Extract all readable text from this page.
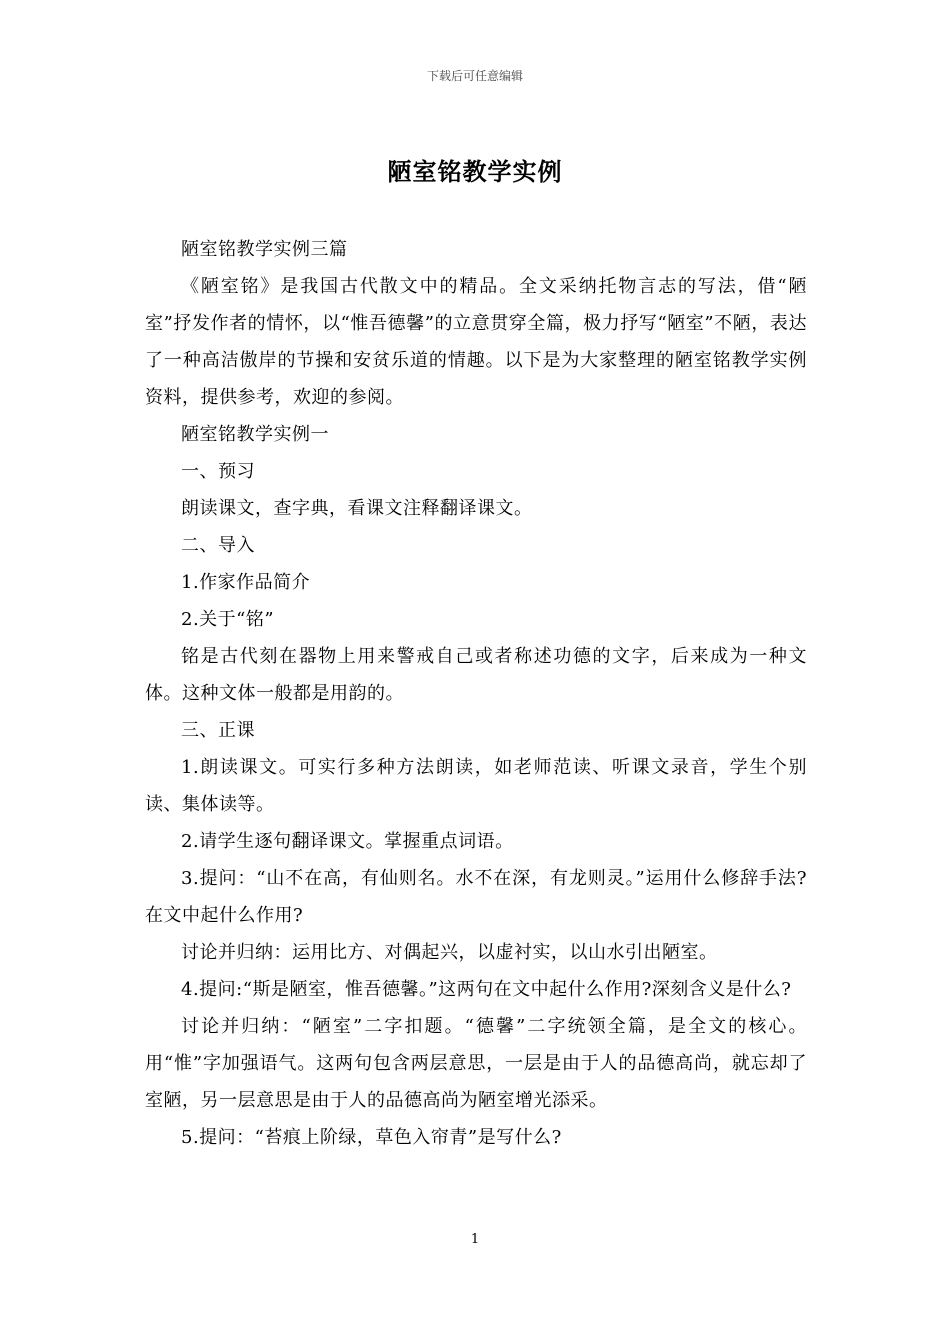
下载后可任意编辑
陋室铭教学实例

陋室铭教学实例三篇

《陋室铭》是我国古代散文中的精品。全文采纳托物言志的写法，借“陋室”抒发作者的情怀，以“惟吾德馨”的立意贯穿全篇，极力抒写“陋室”不陋，表达了一种高洁傲岸的节操和安贫乐道的情趣。以下是为大家整理的陋室铭教学实例资料，提供参考，欢迎的参阅。

陋室铭教学实例一

一、预习

朗读课文，查字典，看课文注释翻译课文。

二、导入

1.作家作品简介

2.关于“铭”

铭是古代刻在器物上用来警戒自己或者称述功德的文字，后来成为一种文体。这种文体一般都是用韵的。

三、正课

1.朗读课文。可实行多种方法朗读，如老师范读、听课文录音，学生个别读、集体读等。

2.请学生逐句翻译课文。掌握重点词语。

3.提问：“山不在高，有仙则名。水不在深，有龙则灵。”运用什么修辞手法?在文中起什么作用?

讨论并归纳：运用比方、对偶起兴，以虚衬实，以山水引出陋室。

4.提问:“斯是陋室，惟吾德馨。”这两句在文中起什么作用?深刻含义是什么?

讨论并归纳：“陋室”二字扣题。“德馨”二字统领全篇，是全文的核心。用“惟”字加强语气。这两句包含两层意思，一层是由于人的品德高尚，就忘却了室陋，另一层意思是由于人的品德高尚为陋室增光添采。

5.提问：“苔痕上阶绿，草色入帘青”是写什么?

1
